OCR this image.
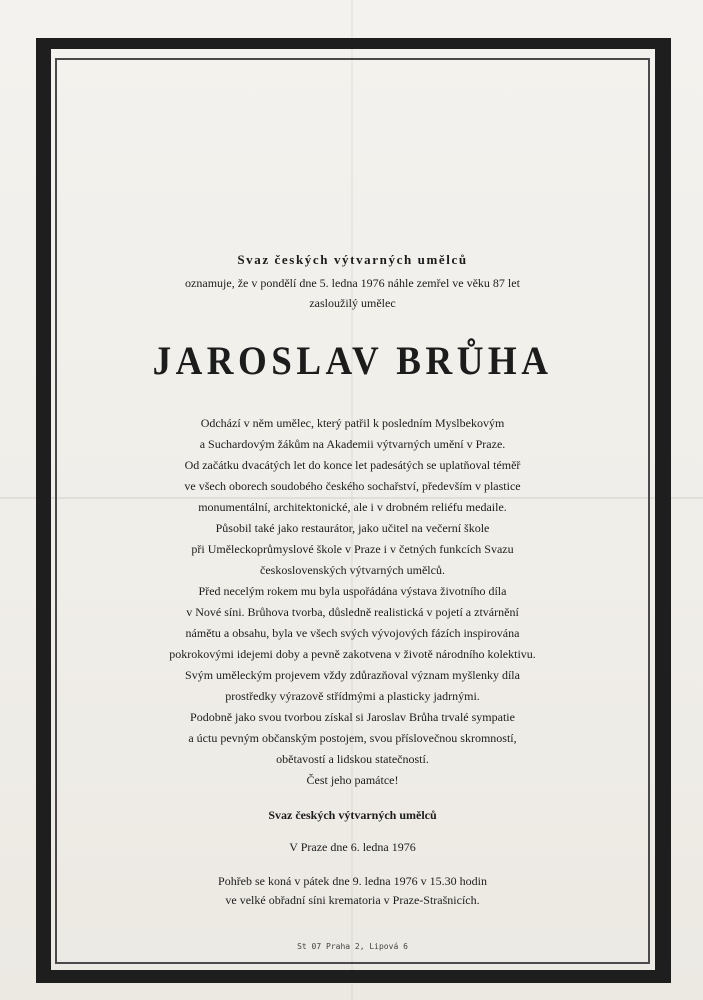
Svaz českých výtvarných umělců
oznamuje, že v pondělí dne 5. ledna 1976 náhle zemřel ve věku 87 let
zasloužilý umělec
JAROSLAV BRŮHA
Odchází v něm umělec, který patřil k posledním Myslbekovým
a Suchardovým žákům na Akademii výtvarných umění v Praze.
Od začátku dvacátých let do konce let padesátých se uplatňoval téměř
ve všech oborech soudobého českého sochařství, především v plastice
monumentální, architektonické, ale i v drobném reliéfu medaile.
Působil také jako restaurátor, jako učitel na večerní škole
při Uměleckoprůmyslové škole v Praze i v četných funkcích Svazu
československých výtvarných umělců.
Před necelým rokem mu byla uspořádána výstava životního díla
v Nové síni. Brůhova tvorba, důsledně realistická v pojetí a ztvárnění
námětu a obsahu, byla ve všech svých vývojových fázích inspirována
pokrokovými idejemi doby a pevně zakotvena v životě národního kolektivu.
Svým uměleckým projevem vždy zdůrazňoval význam myšlenky díla
prostředky výrazově střídmými a plasticky jadrnými.
Podobně jako svou tvorbou získal si Jaroslav Brůha trvalé sympatie
a úctu pevným občanským postojem, svou příslovečnou skromností,
obětavostí a lidskou statečností.
Čest jeho památce!
Svaz českých výtvarných umělců
V Praze dne 6. ledna 1976
Pohřeb se koná v pátek dne 9. ledna 1976 v 15.30 hodin
ve velké obřadní síni krematoria v Praze-Strašnicích.
St 07 Praha 2, Lipová 6
